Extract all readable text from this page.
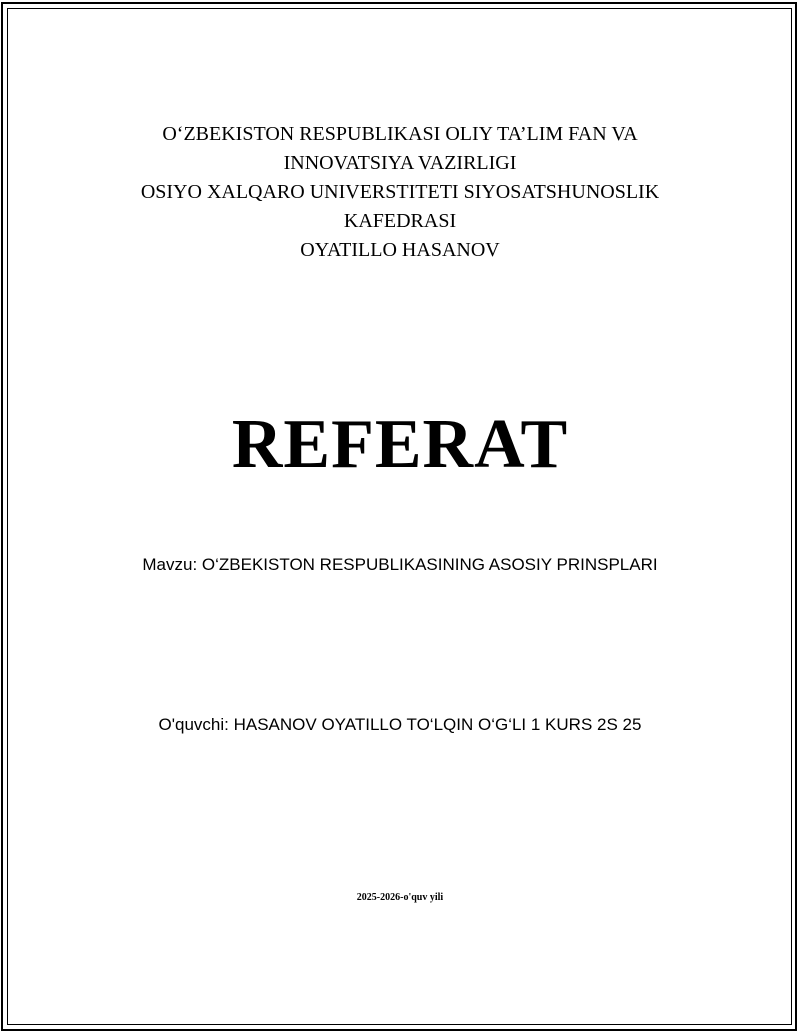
O‘ZBEKISTON RESPUBLIKASI OLIY TA’LIM FAN VA
INNOVATSIYA VAZIRLIGI
OSIYO XALQARO UNIVERSTITETI SIYOSATSHUNOSLIK
KAFEDRASI
OYATILLO HASANOV
REFERAT
Mavzu: O‘ZBEKISTON RESPUBLIKASINING ASOSIY PRINSPLARI
O'quvchi: HASANOV OYATILLO TO‘LQIN O‘G‘LI 1 KURS 2S 25
2025-2026-o'quv yili
